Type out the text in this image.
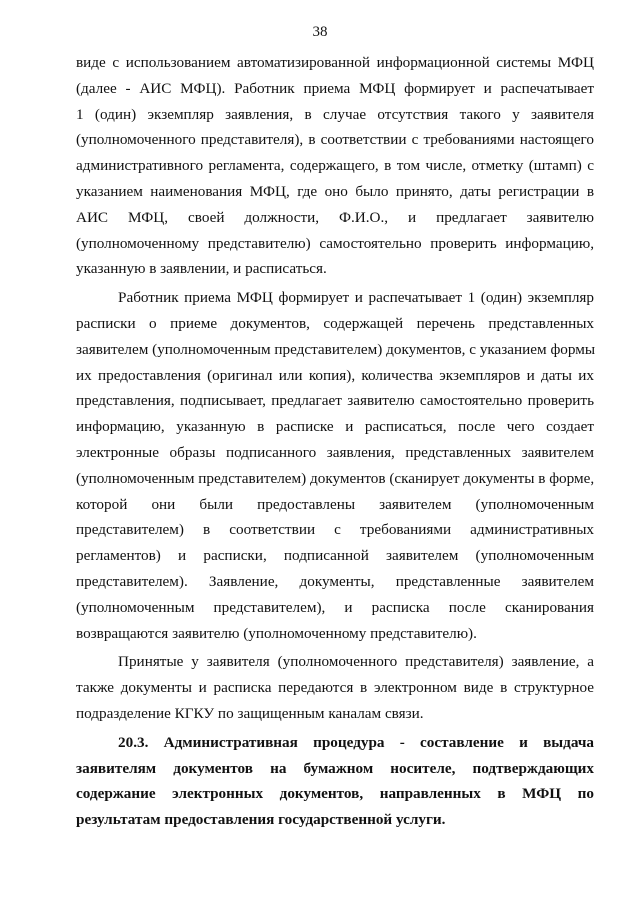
38
виде с использованием автоматизированной информационной системы МФЦ
(далее - АИС МФЦ). Работник приема МФЦ формирует и распечатывает
1 (один) экземпляр заявления, в случае отсутствия такого у заявителя
(уполномоченного представителя), в соответствии с требованиями настоящего
административного регламента, содержащего, в том числе, отметку (штамп) с
указанием наименования МФЦ, где оно было принято, даты регистрации в
АИС МФЦ, своей должности, Ф.И.О., и предлагает заявителю
(уполномоченному представителю) самостоятельно проверить информацию,
указанную в заявлении, и расписаться.
Работник приема МФЦ формирует и распечатывает 1 (один) экземпляр
расписки о приеме документов, содержащей перечень представленных
заявителем (уполномоченным представителем) документов, с указанием формы
их предоставления (оригинал или копия), количества экземпляров и даты их
представления, подписывает, предлагает заявителю самостоятельно проверить
информацию, указанную в расписке и расписаться, после чего создает
электронные образы подписанного заявления, представленных заявителем
(уполномоченным представителем) документов (сканирует документы в форме,
которой они были предоставлены заявителем (уполномоченным
представителем) в соответствии с требованиями административных
регламентов) и расписки, подписанной заявителем (уполномоченным
представителем). Заявление, документы, представленные заявителем
(уполномоченным представителем), и расписка после сканирования
возвращаются заявителю (уполномоченному представителю).
Принятые у заявителя (уполномоченного представителя) заявление, а
также документы и расписка передаются в электронном виде в структурное
подразделение КГКУ по защищенным каналам связи.
20.3. Административная процедура - составление и выдача
заявителям документов на бумажном носителе, подтверждающих
содержание электронных документов, направленных в МФЦ по
результатам предоставления государственной услуги.
